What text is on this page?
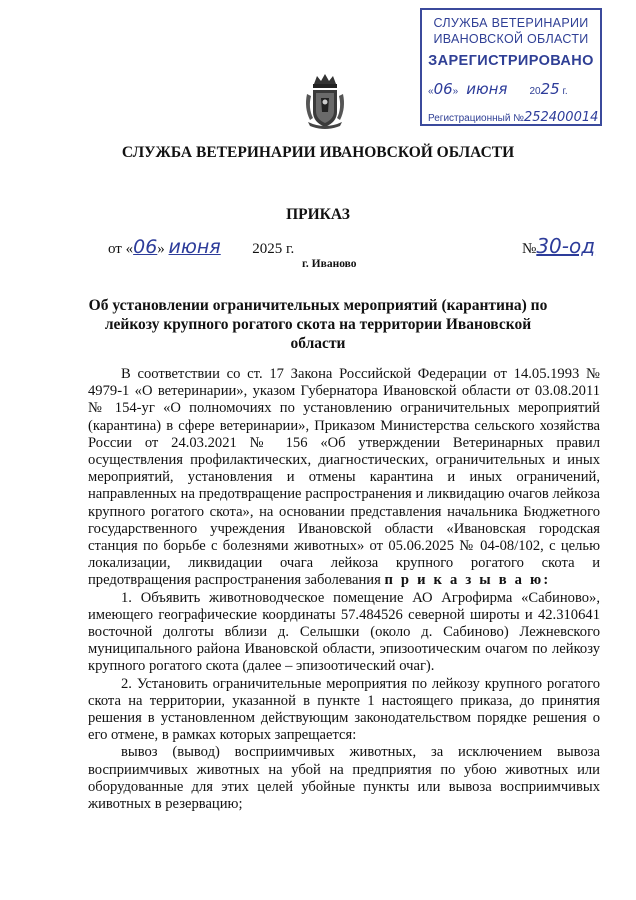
СЛУЖБА ВЕТЕРИНАРИИ
ИВАНОВСКОЙ ОБЛАСТИ
ЗАРЕГИСТРИРОВАНО
«06» июня 2025 г.
Регистрационный №252400014
СЛУЖБА ВЕТЕРИНАРИИ ИВАНОВСКОЙ ОБЛАСТИ
ПРИКАЗ
от «06» июня 2025 г.
г. Иваново
№30-од
Об установлении ограничительных мероприятий (карантина) по лейкозу крупного рогатого скота на территории Ивановской области

В соответствии со ст. 17 Закона Российской Федерации от 14.05.1993 № 4979-1 «О ветеринарии», указом Губернатора Ивановской области от 03.08.2011 № 154-уг «О полномочиях по установлению ограничительных мероприятий (карантина) в сфере ветеринарии», Приказом Министерства сельского хозяйства России от 24.03.2021 № 156 «Об утверждении Ветеринарных правил осуществления профилактических, диагностических, ограничительных и иных мероприятий, установления и отмены карантина и иных ограничений, направленных на предотвращение распространения и ликвидацию очагов лейкоза крупного рогатого скота», на основании представления начальника Бюджетного государственного учреждения Ивановской области «Ивановская городская станция по борьбе с болезнями животных» от 05.06.2025 № 04-08/102, с целью локализации, ликвидации очага лейкоза крупного рогатого скота и предотвращения распространения заболевания п р и к а з ы в а ю:

1. Объявить животноводческое помещение АО Агрофирма «Сабиново», имеющего географические координаты 57.484526 северной широты и 42.310641 восточной долготы вблизи д. Селышки (около д. Сабиново) Лежневского муниципального района Ивановской области, эпизоотическим очагом по лейкозу крупного рогатого скота (далее – эпизоотический очаг).

2. Установить ограничительные мероприятия по лейкозу крупного рогатого скота на территории, указанной в пункте 1 настоящего приказа, до принятия решения в установленном действующим законодательством порядке решения о его отмене, в рамках которых запрещается:

вывоз (вывод) восприимчивых животных, за исключением вывоза восприимчивых животных на убой на предприятия по убою животных или оборудованные для этих целей убойные пункты или вывоза восприимчивых животных в резервацию;
